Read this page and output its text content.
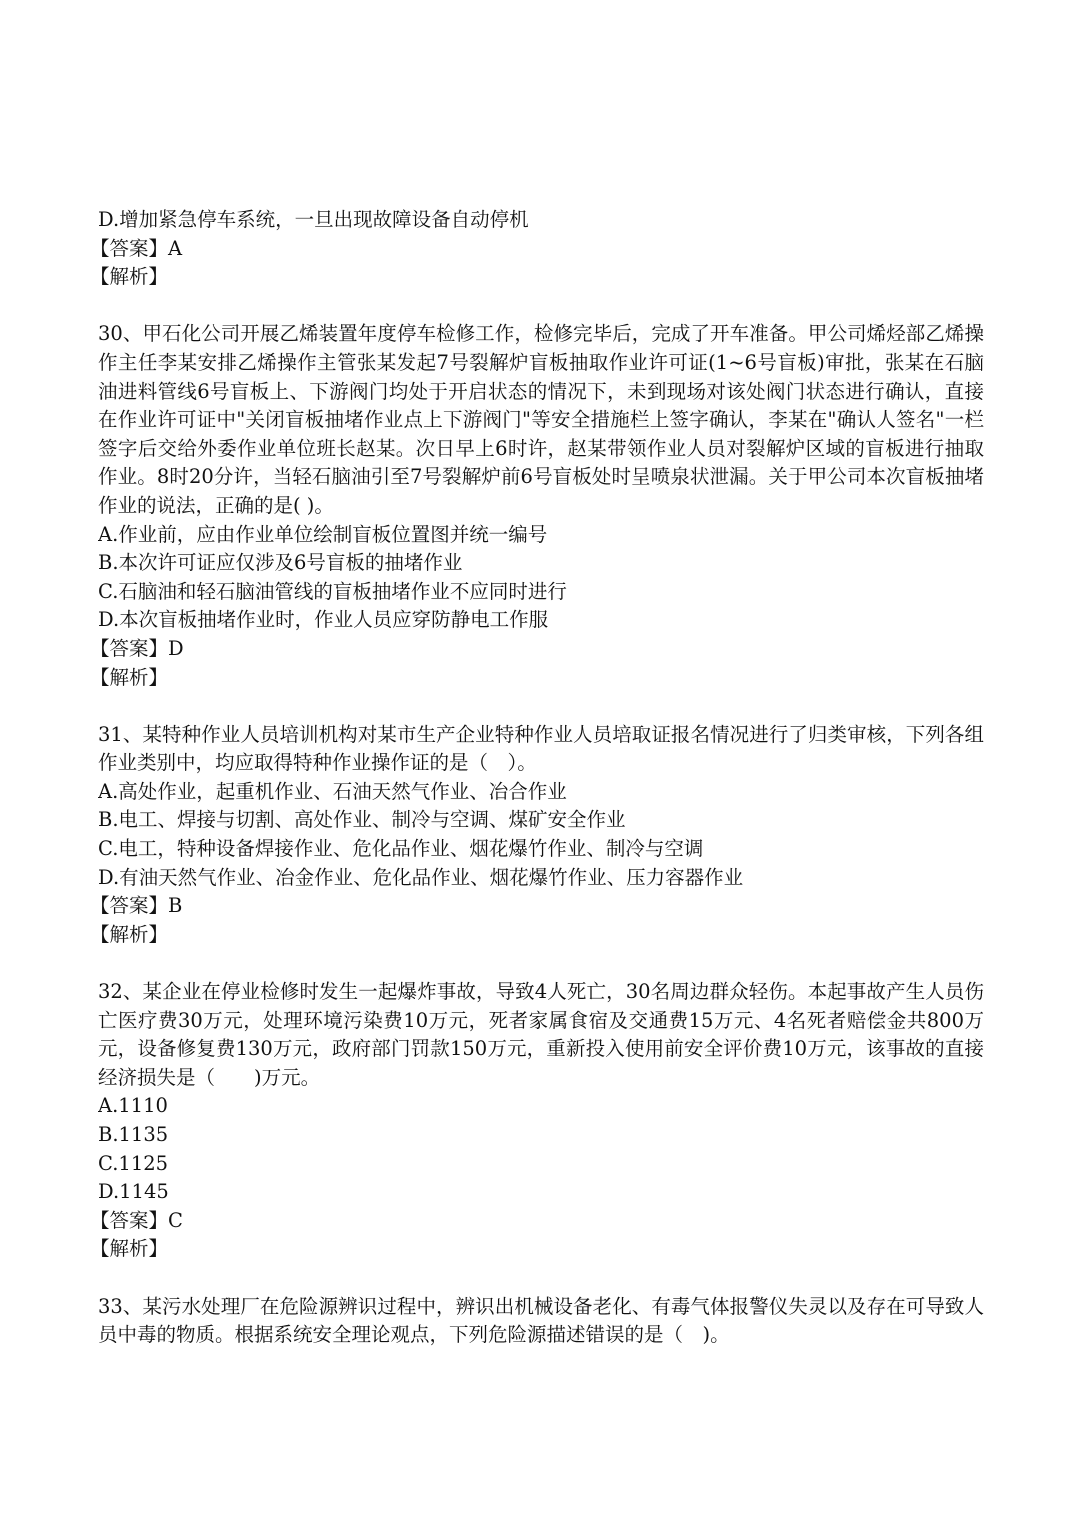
D.增加紧急停车系统，一旦出现故障设备自动停机
【答案】A
【解析】
30、甲石化公司开展乙烯装置年度停车检修工作，检修完毕后，完成了开车准备。甲公司烯烃部乙烯操作主任李某安排乙烯操作主管张某发起7号裂解炉盲板抽取作业许可证(1~6号盲板)审批，张某在石脑油进料管线6号盲板上、下游阀门均处于开启状态的情况下，未到现场对该处阀门状态进行确认，直接在作业许可证中"关闭盲板抽堵作业点上下游阀门"等安全措施栏上签字确认，李某在"确认人签名"一栏签字后交给外委作业单位班长赵某。次日早上6时许，赵某带领作业人员对裂解炉区域的盲板进行抽取作业。8时20分许，当轻石脑油引至7号裂解炉前6号盲板处时呈喷泉状泄漏。关于甲公司本次盲板抽堵作业的说法，正确的是( )。
A.作业前，应由作业单位绘制盲板位置图并统一编号
B.本次许可证应仅涉及6号盲板的抽堵作业
C.石脑油和轻石脑油管线的盲板抽堵作业不应同时进行
D.本次盲板抽堵作业时，作业人员应穿防静电工作服
【答案】D
【解析】
31、某特种作业人员培训机构对某市生产企业特种作业人员培取证报名情况进行了归类审核，下列各组作业类别中，均应取得特种作业操作证的是（　）。
A.高处作业，起重机作业、石油天然气作业、冶合作业
B.电工、焊接与切割、高处作业、制冷与空调、煤矿安全作业
C.电工，特种设备焊接作业、危化品作业、烟花爆竹作业、制冷与空调
D.有油天然气作业、冶金作业、危化品作业、烟花爆竹作业、压力容器作业
【答案】B
【解析】
32、某企业在停业检修时发生一起爆炸事故，导致4人死亡，30名周边群众轻伤。本起事故产生人员伤亡医疗费30万元，处理环境污染费10万元，死者家属食宿及交通费15万元、4名死者赔偿金共800万元，设备修复费130万元，政府部门罚款150万元，重新投入使用前安全评价费10万元，该事故的直接经济损失是（　　)万元。
A.1110
B.1135
C.1125
D.1145
【答案】C
【解析】
33、某污水处理厂在危险源辨识过程中，辨识出机械设备老化、有毒气体报警仪失灵以及存在可导致人员中毒的物质。根据系统安全理论观点，下列危险源描述错误的是（　)。
